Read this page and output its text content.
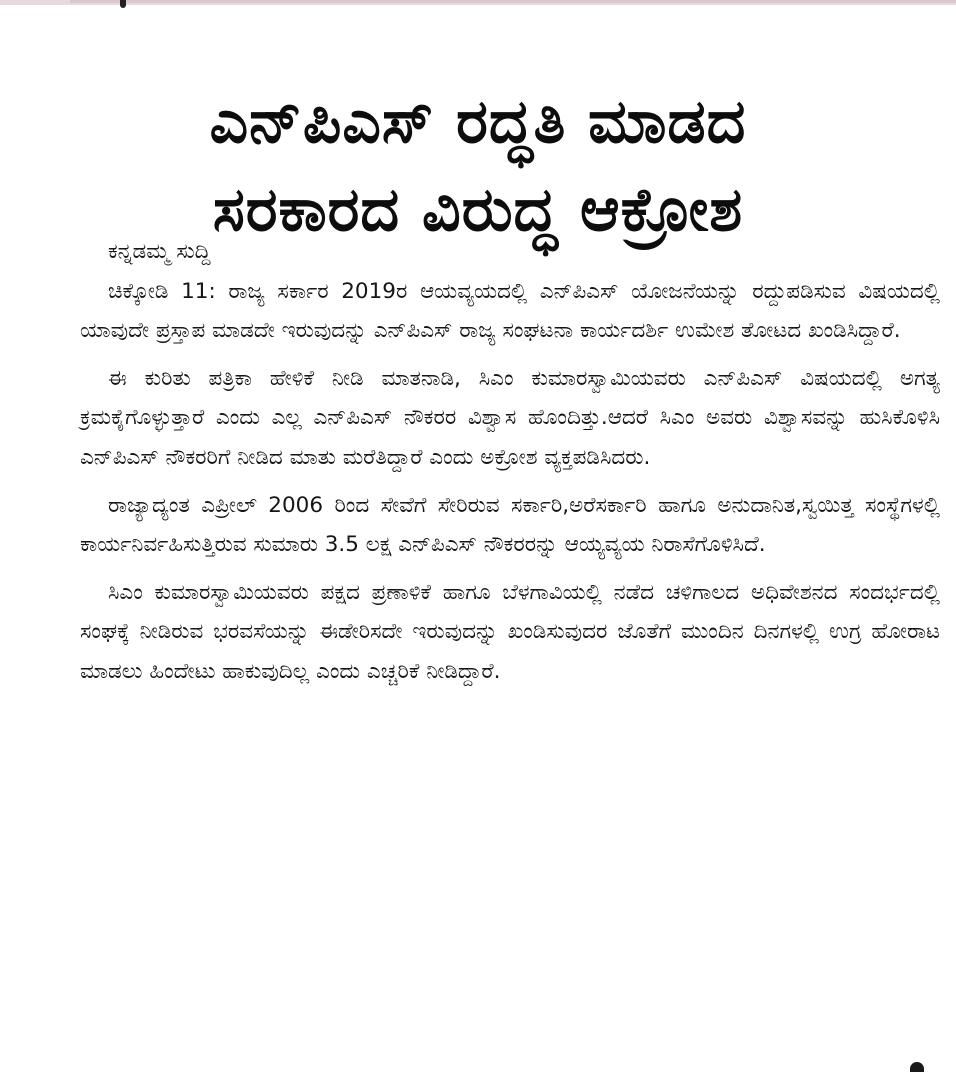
ಎನ್‌ಪಿಎಸ್ ರದ್ಧತಿ ಮಾಡದ
ಸರಕಾರದ ವಿರುದ್ಧ ಆಕ್ರೋಶ
ಕನ್ನಡಮ್ಮ ಸುದ್ದಿ

ಚಿಕ್ಕೋಡಿ 11: ರಾಜ್ಯ ಸರ್ಕಾರ 2019ರ ಆಯವ್ಯಯದಲ್ಲಿ ಎನ್‌ಪಿಎಸ್ ಯೋಜನೆಯನ್ನು ರದ್ದುಪಡಿಸುವ ವಿಷಯದಲ್ಲಿ ಯಾವುದೇ ಪ್ರಸ್ತಾಪ ಮಾಡದೇ ಇರುವುದನ್ನು ಎನ್‌ಪಿಎಸ್ ರಾಜ್ಯ ಸಂಘಟನಾ ಕಾರ್ಯದರ್ಶಿ ಉಮೇಶ ತೋಟದ ಖಂಡಿಸಿದ್ದಾರೆ.

ಈ ಕುರಿತು ಪತ್ರಿಕಾ ಹೇಳಿಕೆ ನೀಡಿ ಮಾತನಾಡಿ, ಸಿಎಂ ಕುಮಾರಸ್ವಾಮಿಯವರು ಎನ್‌ಪಿಎಸ್ ವಿಷಯದಲ್ಲಿ ಅಗತ್ಯ ಕ್ರಮಕೈಗೊಳ್ಳುತ್ತಾರೆ ಎಂದು ಎಲ್ಲ ಎನ್‌ಪಿಎಸ್ ನೌಕರರ ವಿಶ್ವಾಸ ಹೊಂದಿತ್ತು.ಆದರೆ ಸಿಎಂ ಅವರು ವಿಶ್ವಾಸವನ್ನು ಹುಸಿಕೊಳಿಸಿ ಎನ್‌ಪಿಎಸ್ ನೌಕರರಿಗೆ ನೀಡಿದ ಮಾತು ಮರೆತಿದ್ದಾರೆ ಎಂದು ಅಕ್ರೋಶ ವ್ಯಕ್ತಪಡಿಸಿದರು.

ರಾಜ್ಯಾದ್ಯಂತ ಎಪ್ರೀಲ್ 2006 ರಿಂದ ಸೇವೆಗೆ ಸೇರಿರುವ ಸರ್ಕಾರಿ,ಅರೆಸರ್ಕಾರಿ ಹಾಗೂ ಅನುದಾನಿತ,ಸ್ವಯಿತ್ತ ಸಂಸ್ಥೆಗಳಲ್ಲಿ ಕಾರ್ಯನಿರ್ವಹಿಸುತ್ತಿರುವ ಸುಮಾರು 3.5 ಲಕ್ಷ ಎನ್‌ಪಿಎಸ್ ನೌಕರರನ್ನು ಆಯ್ಯವ್ಯಯ ನಿರಾಸೆಗೊಳಿಸಿದೆ.

ಸಿಎಂ ಕುಮಾರಸ್ವಾಮಿಯವರು ಪಕ್ಷದ ಪ್ರಣಾಳಿಕೆ ಹಾಗೂ ಬೆಳಗಾವಿಯಲ್ಲಿ ನಡೆದ ಚಳಿಗಾಲದ ಅಧಿವೇಶನದ ಸಂದರ್ಭದಲ್ಲಿ ಸಂಘಕ್ಕೆ ನೀಡಿರುವ ಭರವಸೆಯನ್ನು ಈಡೇರಿಸದೇ ಇರುವುದನ್ನು ಖಂಡಿಸುವುದರ ಜೊತೆಗೆ ಮುಂದಿನ ದಿನಗಳಲ್ಲಿ ಉಗ್ರ ಹೋರಾಟ ಮಾಡಲು ಹಿಂದೇಟು ಹಾಕುವುದಿಲ್ಲ ಎಂದು ಎಚ್ಚರಿಕೆ ನೀಡಿದ್ದಾರೆ.
